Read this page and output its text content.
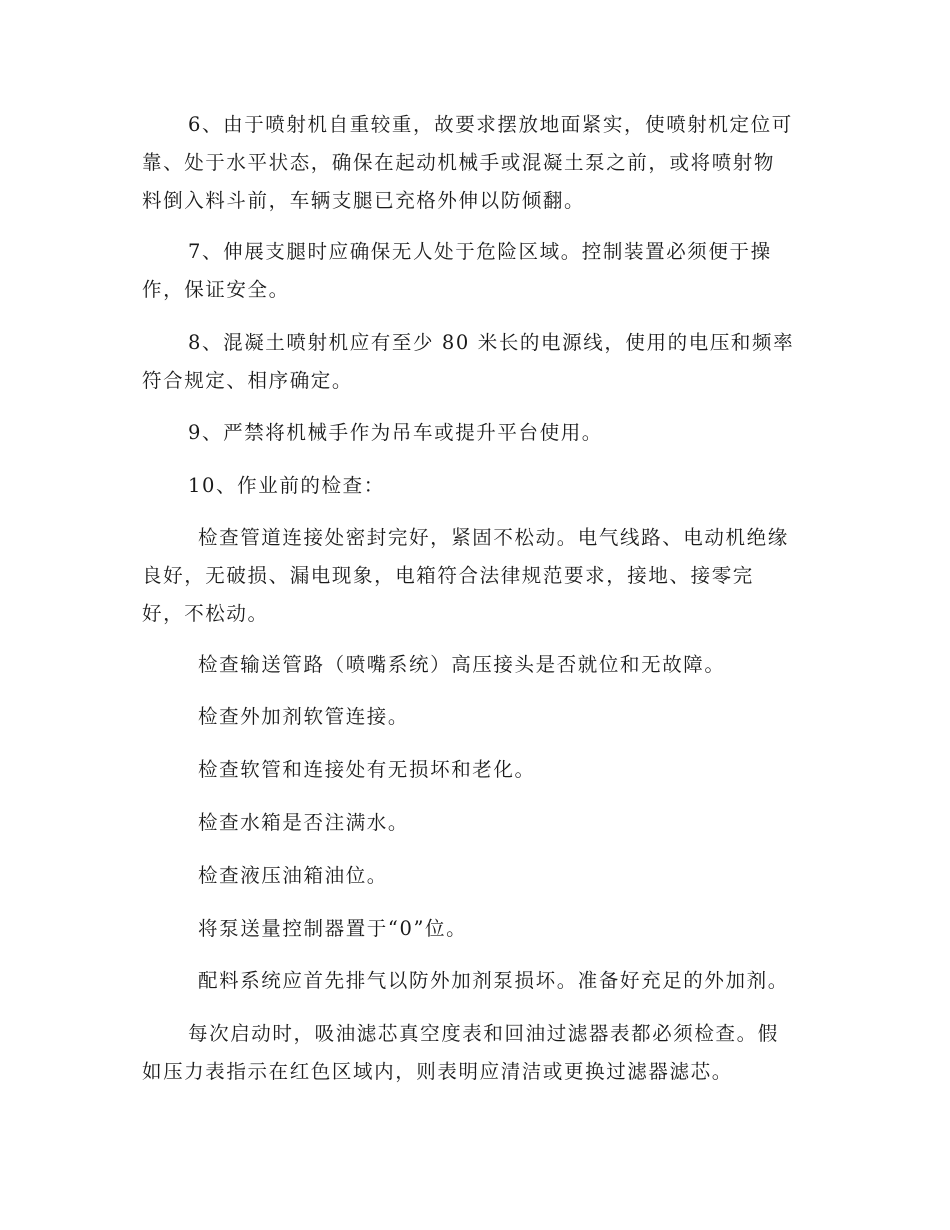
6、由于喷射机自重较重，故要求摆放地面紧实，使喷射机定位可
靠、处于水平状态，确保在起动机械手或混凝土泵之前，或将喷射物
料倒入料斗前，车辆支腿已充格外伸以防倾翻。
7、伸展支腿时应确保无人处于危险区域。控制装置必须便于操
作，保证安全。
8、混凝土喷射机应有至少 80 米长的电源线，使用的电压和频率
符合规定、相序确定。
9、严禁将机械手作为吊车或提升平台使用。
10、作业前的检查：
检查管道连接处密封完好，紧固不松动。电气线路、电动机绝缘
良好，无破损、漏电现象，电箱符合法律规范要求，接地、接零完
好，不松动。
检查输送管路（喷嘴系统）高压接头是否就位和无故障。
检查外加剂软管连接。
检查软管和连接处有无损坏和老化。
检查水箱是否注满水。
检查液压油箱油位。
将泵送量控制器置于“0”位。
配料系统应首先排气以防外加剂泵损坏。准备好充足的外加剂。
每次启动时，吸油滤芯真空度表和回油过滤器表都必须检查。假
如压力表指示在红色区域内，则表明应清洁或更换过滤器滤芯。
